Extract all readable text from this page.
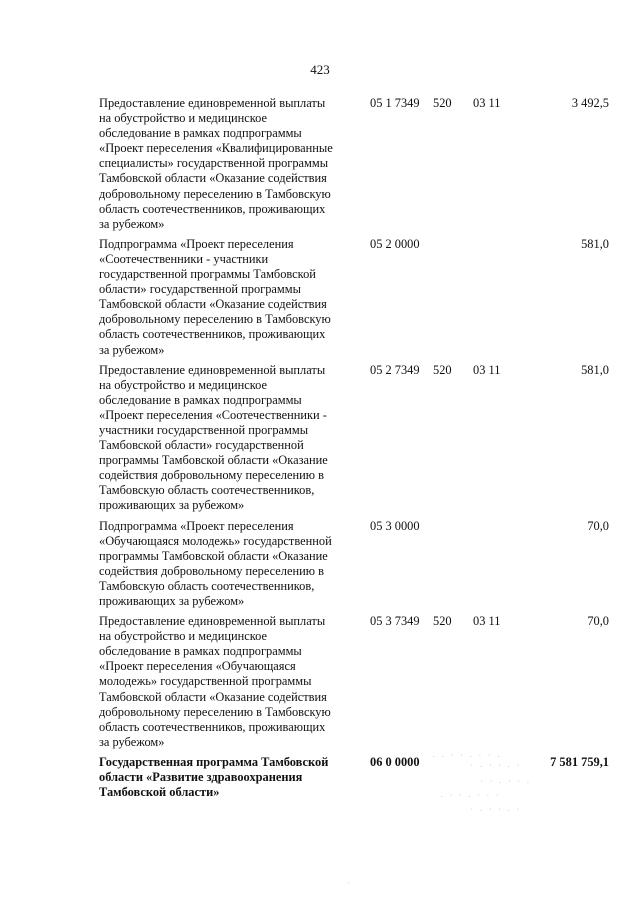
423
Предоставление единовременной выплаты
на обустройство и медицинское
обследование в рамках подпрограммы
«Проект переселения «Квалифицированные
специалисты» государственной программы
Тамбовской области «Оказание содействия
добровольному переселению в Тамбовскую
область соотечественников, проживающих
за рубежом»
05 1 7349 520 03 11	3 492,5
Подпрограмма «Проект переселения
«Соотечественники - участники
государственной программы Тамбовской
области» государственной программы
Тамбовской области «Оказание содействия
добровольному переселению в Тамбовскую
область соотечественников, проживающих
за рубежом»
05 2 0000	581,0
Предоставление единовременной выплаты
на обустройство и медицинское
обследование в рамках подпрограммы
«Проект переселения «Соотечественники -
участники государственной программы
Тамбовской области» государственной
программы Тамбовской области «Оказание
содействия добровольному переселению в
Тамбовскую область соотечественников,
проживающих за рубежом»
05 2 7349 520 03 11	581,0
Подпрограмма «Проект переселения
«Обучающаяся молодежь» государственной
программы Тамбовской области «Оказание
содействия добровольному переселению в
Тамбовскую область соотечественников,
проживающих за рубежом»
05 3 0000	70,0
Предоставление единовременной выплаты
на обустройство и медицинское
обследование в рамках подпрограммы
«Проект переселения «Обучающаяся
молодежь» государственной программы
Тамбовской области «Оказание содействия
добровольному переселению в Тамбовскую
область соотечественников, проживающих
за рубежом»
05 3 7349 520 03 11	70,0
Государственная программа Тамбовской
области «Развитие здравоохранения
Тамбовской области»
06 0 0000	7 581 759,1
. . · · . · · .
· . · · . ·
· · . · · .
. · · . · · ·
· . · · . ·
·
